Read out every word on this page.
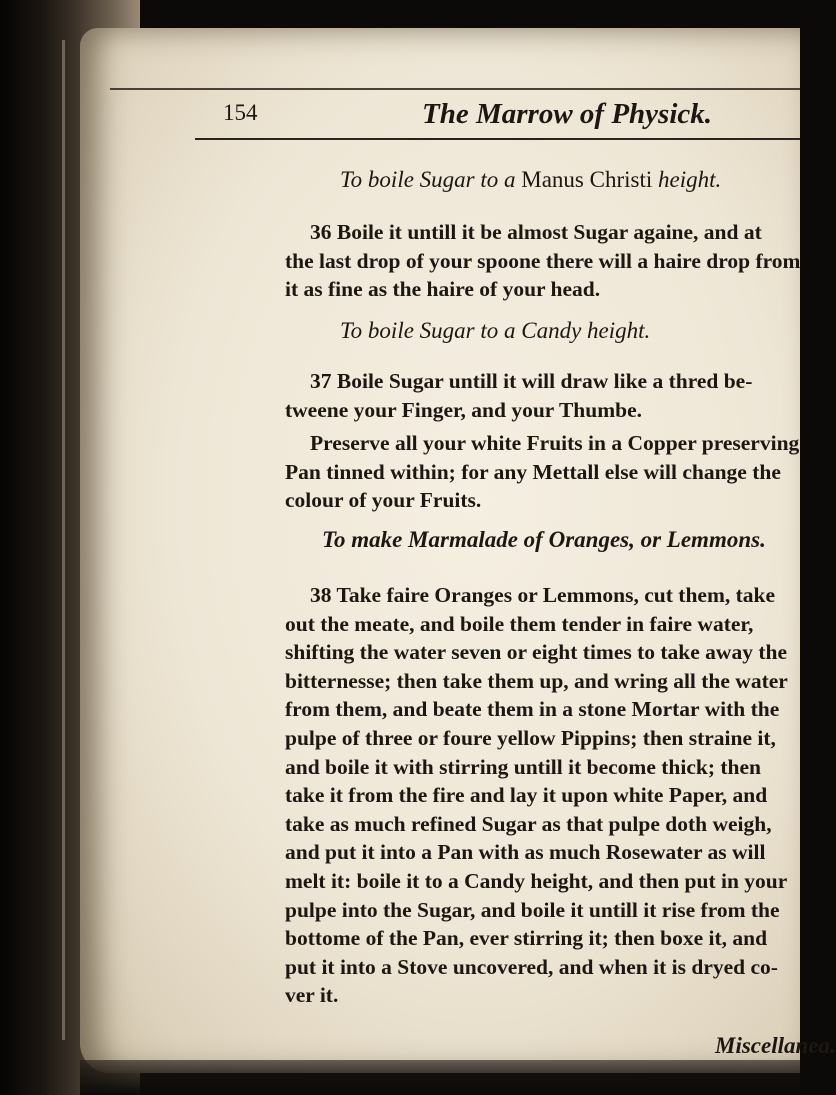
154	The Marrow of Physick.
To boile Sugar to a Manus Christi height.
36 Boile it untill it be almost Sugar againe, and at
the last drop of your spoone there will a haire drop from
it as fine as the haire of your head.
To boile Sugar to a Candy height.
37 Boile Sugar untill it will draw like a thred be-
tweene your Finger, and your Thumbe.
Preserve all your white Fruits in a Copper preserving
Pan tinned within; for any Mettall else will change the
colour of your Fruits.
To make Marmalade of Oranges, or Lemmons.
38 Take faire Oranges or Lemmons, cut them, take
out the meate, and boile them tender in faire water,
shifting the water seven or eight times to take away the
bitternesse; then take them up, and wring all the water
from them, and beate them in a stone Mortar with the
pulpe of three or foure yellow Pippins; then straine it,
and boile it with stirring untill it become thick; then
take it from the fire and lay it upon white Paper, and
take as much refined Sugar as that pulpe doth weigh,
and put it into a Pan with as much Rosewater as will
melt it: boile it to a Candy height, and then put in your
pulpe into the Sugar, and boile it untill it rise from the
bottome of the Pan, ever stirring it; then boxe it, and
put it into a Stove uncovered, and when it is dryed co-
ver it.
Miscellanea.
